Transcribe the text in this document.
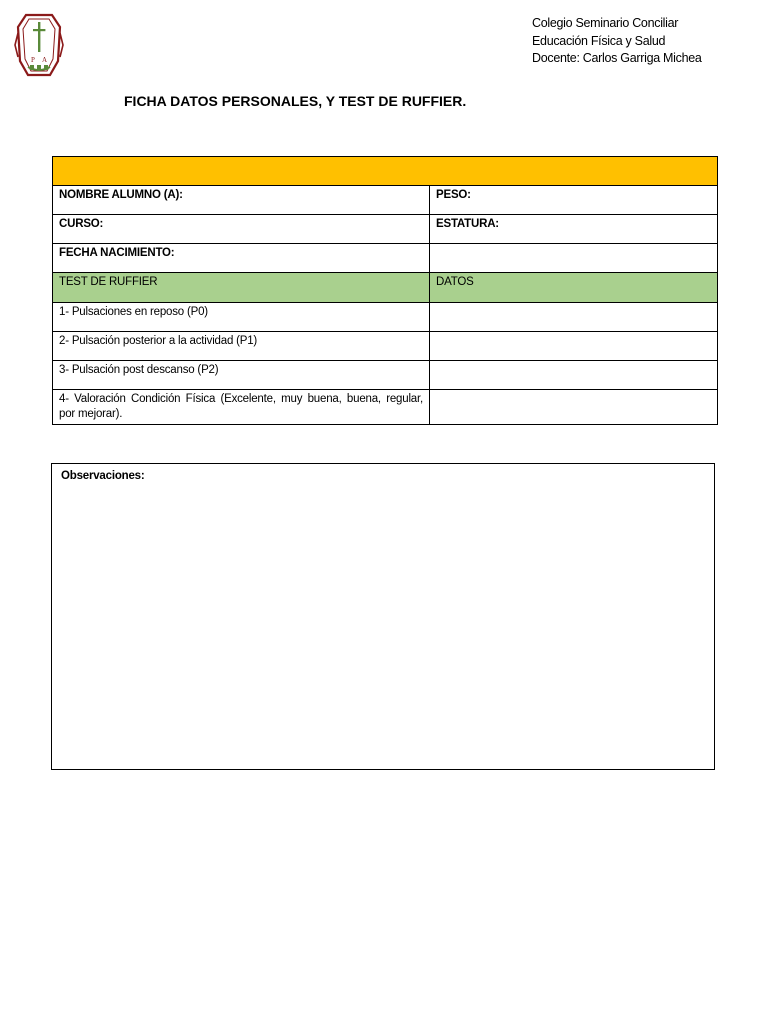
P A
Colegio Seminario Conciliar
Educación Física y Salud
Docente: Carlos Garriga Michea
FICHA DATOS PERSONALES, Y TEST DE RUFFIER.

NOMBRE ALUMNO (A):	PESO:
CURSO:	ESTATURA:
FECHA NACIMIENTO:	
TEST DE RUFFIER	DATOS
1- Pulsaciones en reposo (P0)	
2- Pulsación posterior a la actividad (P1)	
3- Pulsación post descanso (P2)	
4- Valoración Condición Física (Excelente, muy buena, buena, regular, por mejorar).	
Observaciones:
